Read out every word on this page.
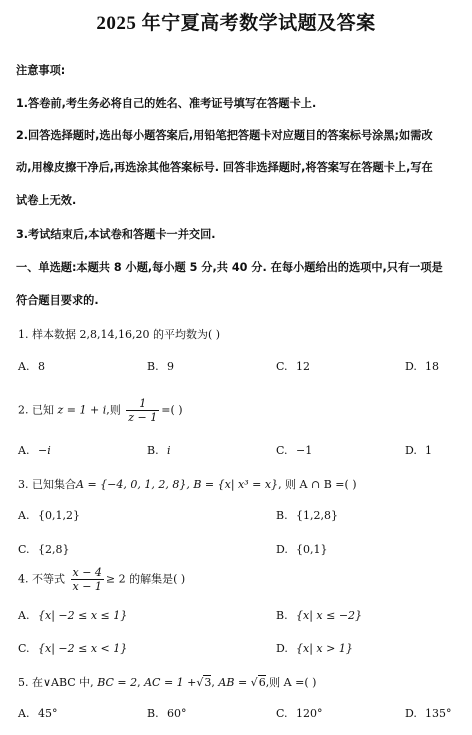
2025 年宁夏高考数学试题及答案
注意事项:
1.答卷前,考生务必将自己的姓名、准考证号填写在答题卡上.
2.回答选择题时,选出每小题答案后,用铅笔把答题卡对应题目的答案标号涂黑;如需改
动,用橡皮擦干净后,再选涂其他答案标号. 回答非选择题时,将答案写在答题卡上,写在
试卷上无效.
3.考试结束后,本试卷和答题卡一并交回.
一、单选题:本题共 8 小题,每小题 5 分,共 40 分. 在每小题给出的选项中,只有一项是
符合题目要求的.
1. 样本数据 2,8,14,16,20 的平均数为( )
A. 8	B. 9	C. 12	D. 18
2. 已知 z = 1 + i,则 $\frac{1}{z - 1}$ =( )
A. −i	B. i	C. −1	D. 1
3. 已知集合A = {−4, 0, 1, 2, 8}, B = {x| x³ = x}, 则 A ∩ B =( )
A. {0,1,2}	B. {1,2,8}
C. {2,8}	D. {0,1}
4. 不等式 $\frac{x - 4}{x - 1} \ge 2$ 的解集是( )
A. {x| −2 ≤ x ≤ 1}	B. {x| x ≤ −2}
C. {x| −2 ≤ x < 1}	D. {x| x > 1}
5. 在∨ABC 中, BC = 2, AC = 1 +√3, AB = √6,则 A =( )
A. 45°	B. 60°	C. 120°	D. 135°
